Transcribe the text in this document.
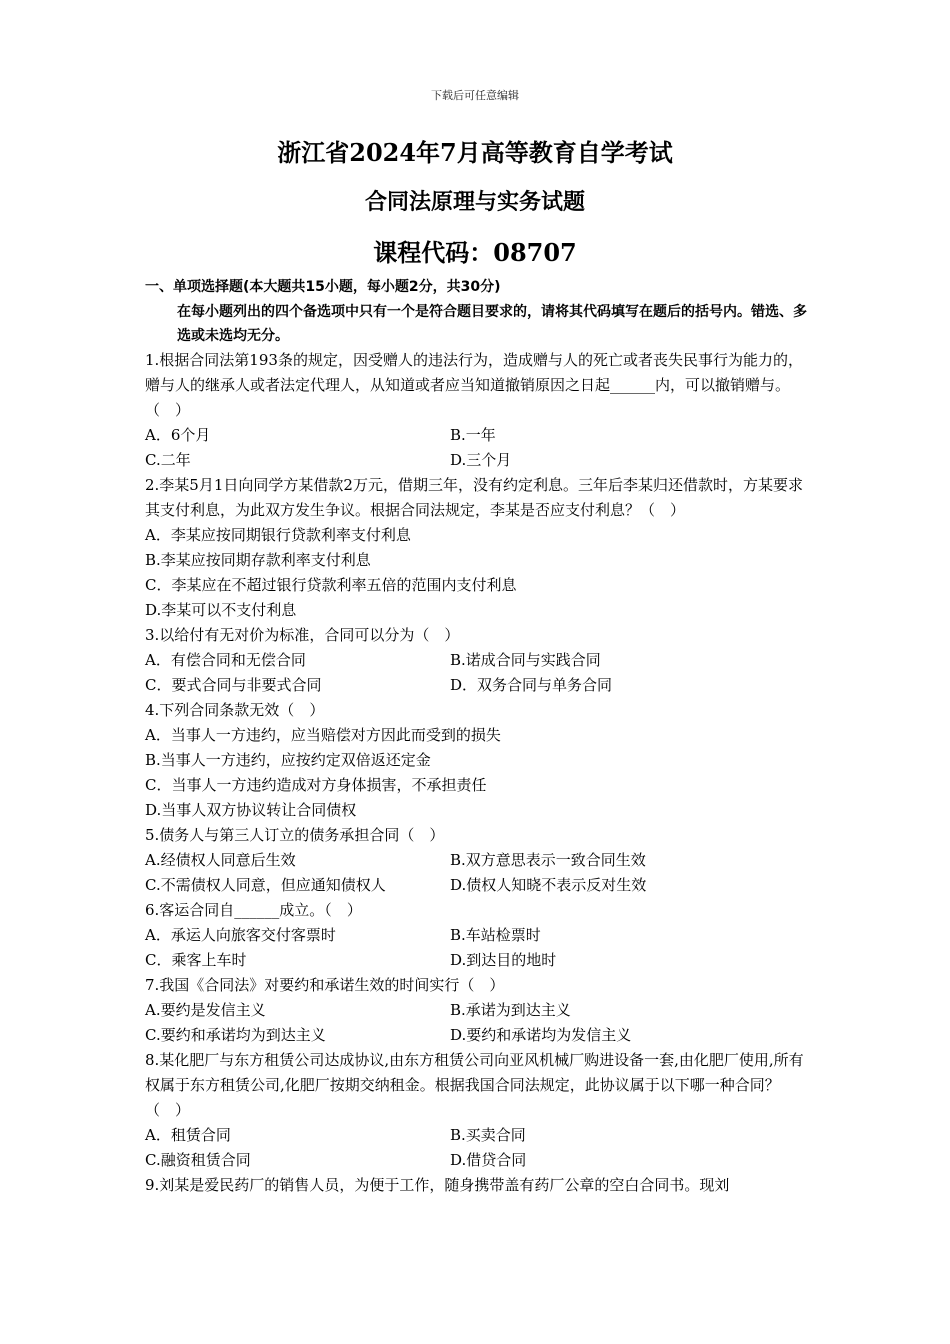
下载后可任意编辑
浙江省2024年7月高等教育自学考试
合同法原理与实务试题
课程代码：08707
一、单项选择题(本大题共15小题，每小题2分，共30分)
在每小题列出的四个备选项中只有一个是符合题目要求的，请将其代码填写在题后的括号内。错选、多选或未选均无分。
1.根据合同法第193条的规定，因受赠人的违法行为，造成赠与人的死亡或者丧失民事行为能力的，赠与人的继承人或者法定代理人，从知道或者应当知道撤销原因之日起______内，可以撤销赠与。（　）
A．6个月	B.一年
C.二年	D.三个月
2.李某5月1日向同学方某借款2万元，借期三年，没有约定利息。三年后李某归还借款时，方某要求其支付利息，为此双方发生争议。根据合同法规定，李某是否应支付利息？（　）
A．李某应按同期银行贷款利率支付利息
B.李某应按同期存款利率支付利息
C．李某应在不超过银行贷款利率五倍的范围内支付利息
D.李某可以不支付利息
3.以给付有无对价为标准，合同可以分为（　）
A．有偿合同和无偿合同	B.诺成合同与实践合同
C．要式合同与非要式合同	D．双务合同与单务合同
4.下列合同条款无效（　）
A．当事人一方违约，应当赔偿对方因此而受到的损失
B.当事人一方违约，应按约定双倍返还定金
C．当事人一方违约造成对方身体损害，不承担责任
D.当事人双方协议转让合同债权
5.债务人与第三人订立的债务承担合同（　）
A.经债权人同意后生效	B.双方意思表示一致合同生效
C.不需债权人同意，但应通知债权人	D.债权人知晓不表示反对生效
6.客运合同自______成立。（　）
A．承运人向旅客交付客票时	B.车站检票时
C．乘客上车时	D.到达目的地时
7.我国《合同法》对要约和承诺生效的时间实行（　）
A.要约是发信主义	B.承诺为到达主义
C.要约和承诺均为到达主义	D.要约和承诺均为发信主义
8.某化肥厂与东方租赁公司达成协议,由东方租赁公司向亚风机械厂购进设备一套,由化肥厂使用,所有权属于东方租赁公司,化肥厂按期交纳租金。根据我国合同法规定，此协议属于以下哪一种合同？（　）
A．租赁合同	B.买卖合同
C.融资租赁合同	D.借贷合同
9.刘某是爱民药厂的销售人员，为便于工作，随身携带盖有药厂公章的空白合同书。现刘
